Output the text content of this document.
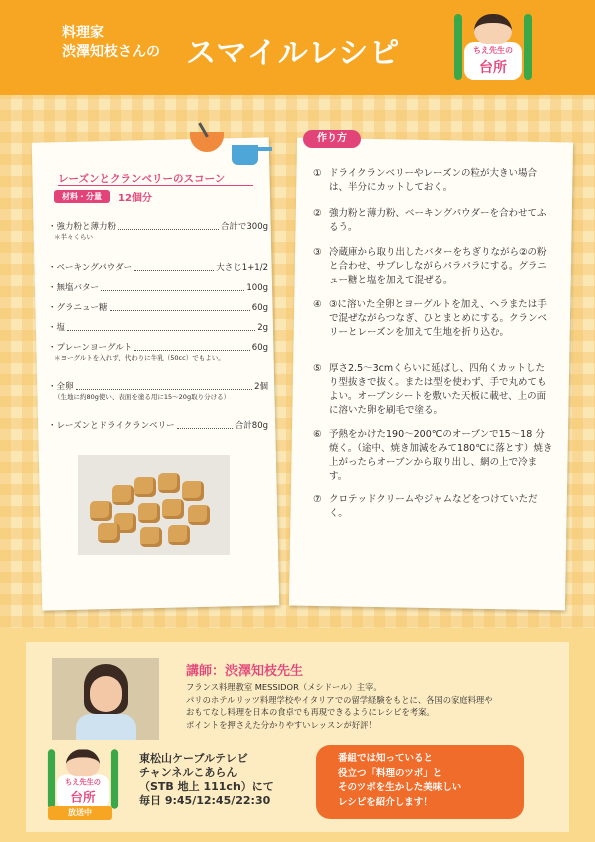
料理家
渋澤知枝さんの スマイルレシピ	ちえ先生の
台所
レーズンとクランベリーのスコーン
材料・分量	12個分
・強力粉と薄力粉	合計で300g
＊半々くらい
・ベーキングパウダー	大さじ1+1/2
・無塩バター	100g
・グラニュー糖	60g
・塩	2g
・プレーンヨーグルト	60g
＊ヨーグルトを入れず、代わりに牛乳（50cc）でもよい。
・全卵	2個
（生地に約80g使い、表面を塗る用に15～20g取り分ける）
・レーズンとドライクランベリー	合計80g
作り方
① ドライクランベリーやレーズンの粒が大きい場合は、半分にカットしておく。
② 強力粉と薄力粉、ベーキングパウダーを合わせてふるう。
③ 冷蔵庫から取り出したバターをちぎりながら②の粉と合わせ、サブレしながらパラパラにする。グラニュー糖と塩を加えて混ぜる。
④ ③に溶いた全卵とヨーグルトを加え、ヘラまたは手で混ぜながらつなぎ、ひとまとめにする。クランベリーとレーズンを加えて生地を折り込む。
⑤ 厚さ2.5～3cmくらいに延ばし、四角くカットしたり型抜きで抜く。または型を使わず、手で丸めてもよい。オーブンシートを敷いた天板に載せ、上の面に溶いた卵を刷毛で塗る。
⑥ 予熱をかけた190～200℃のオーブンで15～18 分焼く。（途中、焼き加減をみて180℃に落とす）焼き上がったらオーブンから取り出し、網の上で冷ます。
⑦ クロテッドクリームやジャムなどをつけていただく。
講師：渋澤知枝先生
フランス料理教室 MESSIDOR（メシドール）主宰。
パリのホテルリッツ料理学校やイタリアでの留学経験をもとに、各国の家庭料理や
おもてなし料理を日本の食卓でも再現できるようにレシピを考案。
ポイントを押さえた分かりやすいレッスンが好評！
ちえ先生の
台所
放送中
東松山ケーブルテレビ
チャンネルこあらん
（STB 地上 111ch）にて
毎日 9:45/12:45/22:30
番組では知っていると
役立つ「料理のツボ」と
そのツボを生かした美味しい
レシピを紹介します！
